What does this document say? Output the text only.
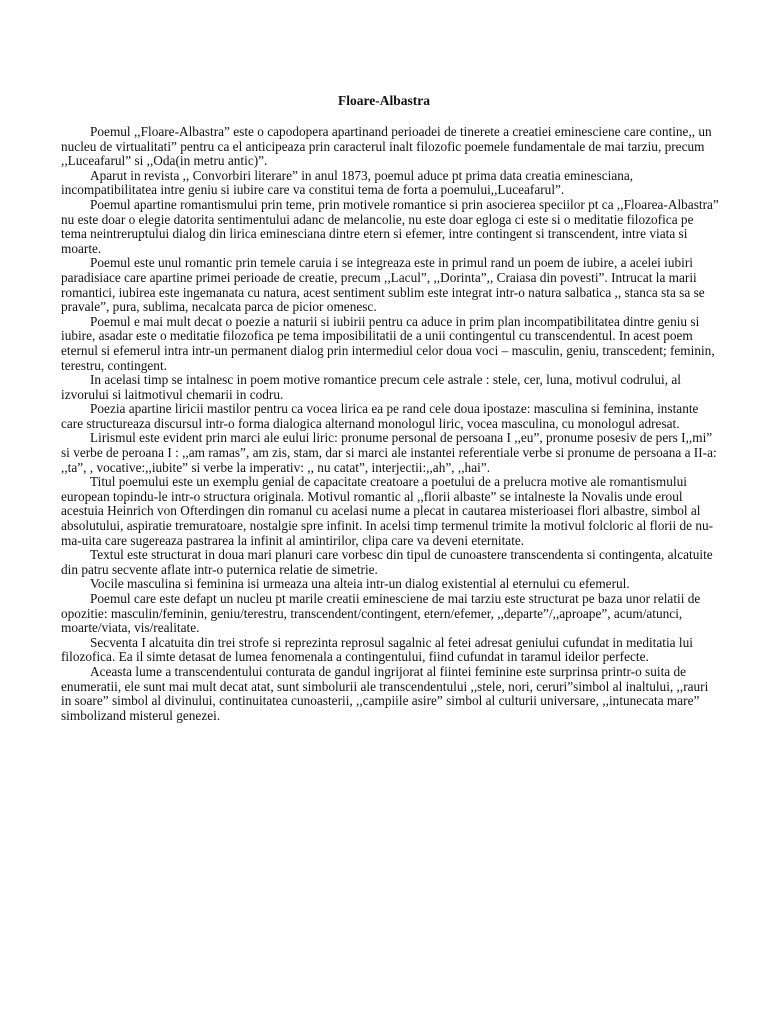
Floare-Albastra

Poemul ,,Floare-Albastra” este o capodopera apartinand perioadei de tinerete a creatiei eminesciene care contine,, un nucleu de virtualitati” pentru ca el anticipeaza prin caracterul inalt filozofic poemele fundamentale de mai tarziu, precum ,,Luceafarul” si ,,Oda(in metru antic)”.

Aparut in revista ,, Convorbiri literare” in anul 1873, poemul aduce pt prima data creatia eminesciana, incompatibilitatea intre geniu si iubire care va constitui tema de forta a poemului,,Luceafarul”.

Poemul apartine romantismului prin teme, prin motivele romantice si prin asocierea speciilor pt ca ,,Floarea-Albastra” nu este doar o elegie datorita sentimentului adanc de melancolie, nu este doar egloga ci este si o meditatie filozofica pe tema neintreruptului dialog din lirica eminesciana dintre etern si efemer, intre contingent si transcendent, intre viata si moarte.

Poemul este unul romantic prin temele caruia i se integreaza este in primul rand un poem de iubire, a acelei iubiri paradisiace care apartine primei perioade de creatie, precum ,,Lacul”, ,,Dorinta”,, Craiasa din povesti”. Intrucat la marii romantici, iubirea este ingemanata cu natura, acest sentiment sublim este integrat intr-o natura salbatica ,, stanca sta sa se pravale”, pura, sublima, necalcata parca de picior omenesc.

Poemul e mai mult decat o poezie a naturii si iubirii pentru ca aduce in prim plan incompatibilitatea dintre geniu si iubire, asadar este o meditatie filozofica pe tema imposibilitatii de a unii contingentul cu transcendentul. In acest poem eternul si efemerul intra intr-un permanent dialog prin intermediul celor doua voci – masculin, geniu, transcedent; feminin, terestru, contingent.

In acelasi timp se intalnesc in poem motive romantice precum cele astrale : stele, cer, luna, motivul codrului, al izvorului si laitmotivul chemarii in codru.

Poezia apartine liricii mastilor pentru ca vocea lirica ea pe rand cele doua ipostaze: masculina si feminina, instante care structureaza discursul intr-o forma dialogica alternand monologul liric, vocea masculina, cu monologul adresat.

Lirismul este evident prin marci ale eului liric: pronume personal de persoana I ,,eu”, pronume posesiv de pers I,,mi” si verbe de peroana I : ,,am ramas”, am zis, stam, dar si marci ale instantei referentiale verbe si pronume de persoana a II-a: ,,ta”, , vocative:,,iubite” si verbe la imperativ: ,, nu catat”, interjectii:,,ah”, ,,hai”.

Titul poemului este un exemplu genial de capacitate creatoare a poetului de a prelucra motive ale romantismului european topindu-le intr-o structura originala. Motivul romantic al ,,florii albaste” se intalneste la Novalis unde eroul acestuia Heinrich von Ofterdingen din romanul cu acelasi nume a plecat in cautarea misterioasei flori albastre, simbol al absolutului, aspiratie tremuratoare, nostalgie spre infinit. In acelsi timp termenul trimite la motivul folcloric al florii de nu-ma-uita care sugereaza pastrarea la infinit al amintirilor, clipa care va deveni eternitate.

Textul este structurat in doua mari planuri care vorbesc din tipul de cunoastere transcendenta si contingenta, alcatuite din patru secvente aflate intr-o puternica relatie de simetrie.

Vocile masculina si feminina isi urmeaza una alteia intr-un dialog existential al eternului cu efemerul.

Poemul care este defapt un nucleu pt marile creatii eminesciene de mai tarziu este structurat pe baza unor relatii de opozitie: masculin/feminin, geniu/terestru, transcendent/contingent, etern/efemer, ,,departe”/,,aproape”, acum/atunci, moarte/viata, vis/realitate.

Secventa I alcatuita din trei strofe si reprezinta reprosul sagalnic al fetei adresat geniului cufundat in meditatia lui filozofica. Ea il simte detasat de lumea fenomenala a contingentului, fiind cufundat in taramul ideilor perfecte.

Aceasta lume a transcendentului conturata de gandul ingrijorat al fiintei feminine este surprinsa printr-o suita de enumeratii, ele sunt mai mult decat atat, sunt simbolurii ale transcendentului ,,stele, nori, ceruri”simbol al inaltului, ,,rauri in soare” simbol al divinului, continuitatea cunoasterii, ,,campiile asire” simbol al culturii universare, ,,intunecata mare” simbolizand misterul genezei.
